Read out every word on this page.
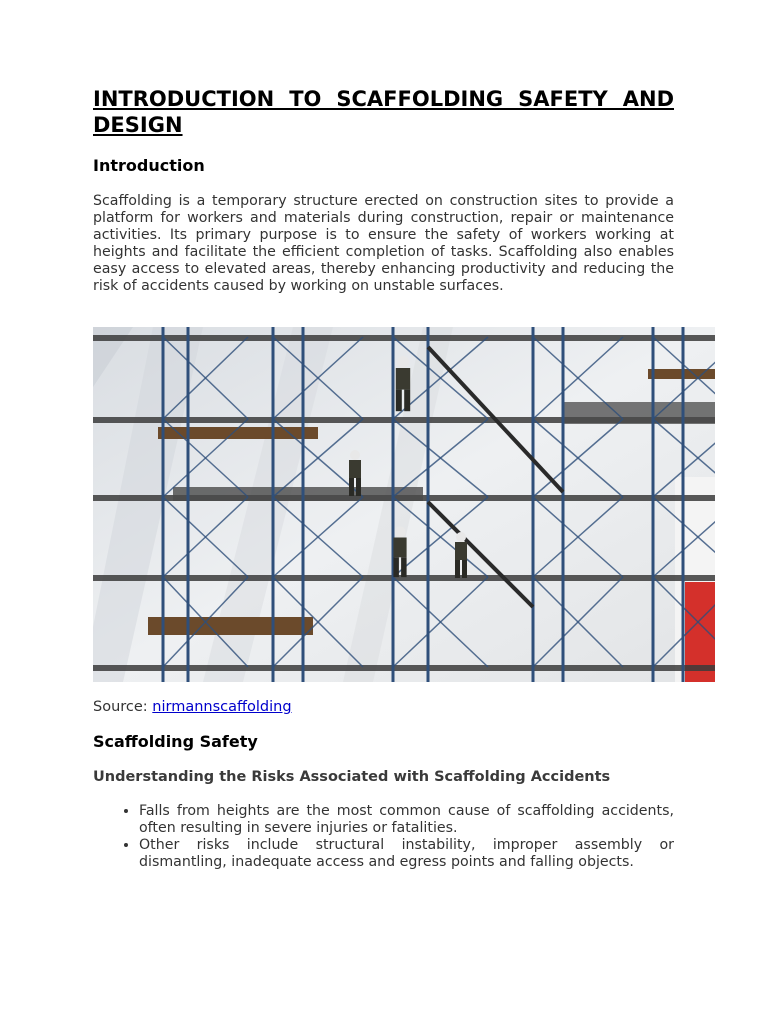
INTRODUCTION TO SCAFFOLDING SAFETY AND DESIGN
Introduction

Scaffolding is a temporary structure erected on construction sites to provide a platform for workers and materials during construction, repair or maintenance activities. Its primary purpose is to ensure the safety of workers working at heights and facilitate the efficient completion of tasks. Scaffolding also enables easy access to elevated areas, thereby enhancing productivity and reducing the risk of accidents caused by working on unstable surfaces.

Source: nirmannscaffolding
Scaffolding Safety
Understanding the Risks Associated with Scaffolding Accidents
• Falls from heights are the most common cause of scaffolding accidents, often resulting in severe injuries or fatalities.
• Other risks include structural instability, improper assembly or dismantling, inadequate access and egress points and falling objects.
